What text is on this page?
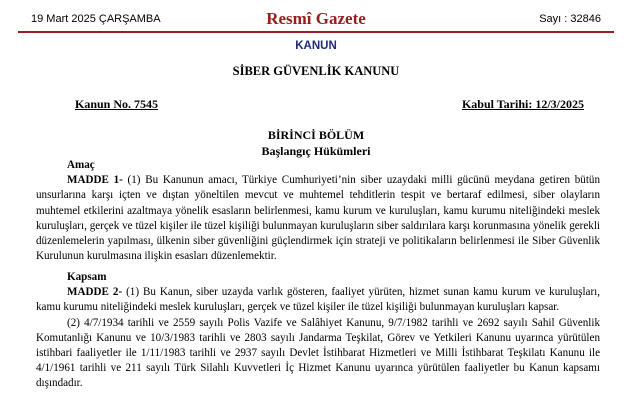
19 Mart 2025 ÇARŞAMBA	Resmî Gazete	Sayı : 32846
KANUN
SİBER GÜVENLİK KANUNU
Kanun No. 7545	Kabul Tarihi: 12/3/2025
BİRİNCİ BÖLÜM
Başlangıç Hükümleri
Amaç
MADDE 1- (1) Bu Kanunun amacı, Türkiye Cumhuriyeti’nin siber uzaydaki milli gücünü meydana getiren bütün unsurlarına karşı içten ve dıştan yöneltilen mevcut ve muhtemel tehditlerin tespit ve bertaraf edilmesi, siber olayların muhtemel etkilerini azaltmaya yönelik esasların belirlenmesi, kamu kurum ve kuruluşları, kamu kurumu niteliğindeki meslek kuruluşları, gerçek ve tüzel kişiler ile tüzel kişiliği bulunmayan kuruluşların siber saldırılara karşı korunmasına yönelik gerekli düzenlemelerin yapılması, ülkenin siber güvenliğini güçlendirmek için strateji ve politikaların belirlenmesi ile Siber Güvenlik Kurulunun kurulmasına ilişkin esasları düzenlemektir.
Kapsam
MADDE 2- (1) Bu Kanun, siber uzayda varlık gösteren, faaliyet yürüten, hizmet sunan kamu kurum ve kuruluşları, kamu kurumu niteliğindeki meslek kuruluşları, gerçek ve tüzel kişiler ile tüzel kişiliği bulunmayan kuruluşları kapsar.
(2) 4/7/1934 tarihli ve 2559 sayılı Polis Vazife ve Salâhiyet Kanunu, 9/7/1982 tarihli ve 2692 sayılı Sahil Güvenlik Komutanlığı Kanunu ve 10/3/1983 tarihli ve 2803 sayılı Jandarma Teşkilat, Görev ve Yetkileri Kanunu uyarınca yürütülen istihbari faaliyetler ile 1/11/1983 tarihli ve 2937 sayılı Devlet İstihbarat Hizmetleri ve Milli İstihbarat Teşkilatı Kanunu ile 4/1/1961 tarihli ve 211 sayılı Türk Silahlı Kuvvetleri İç Hizmet Kanunu uyarınca yürütülen faaliyetler bu Kanun kapsamı dışındadır.
